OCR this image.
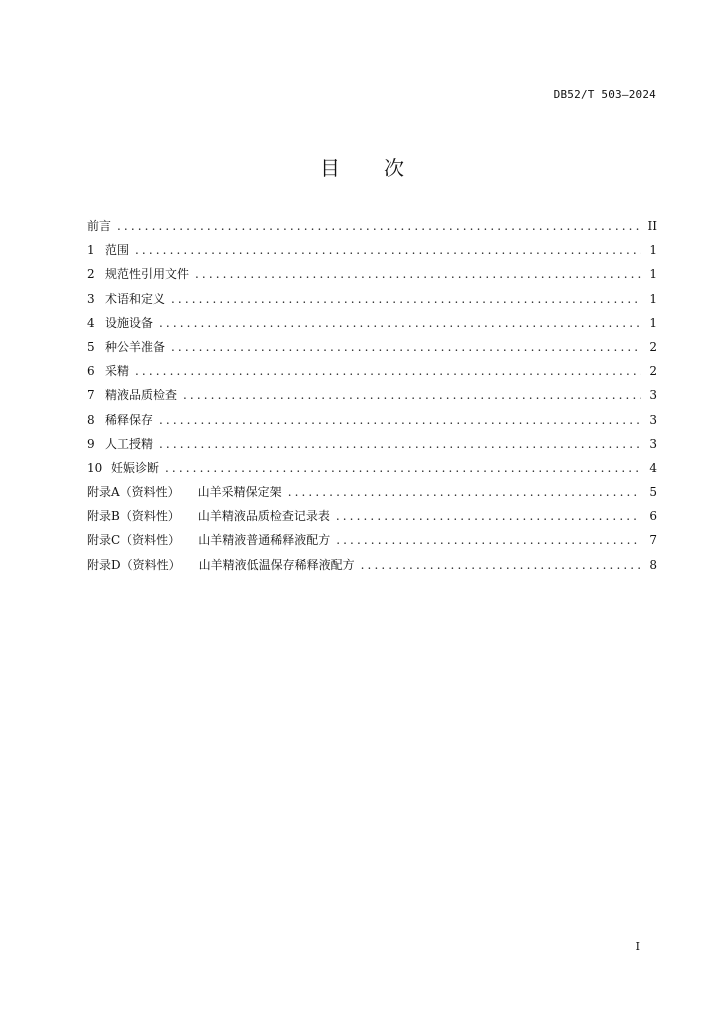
DB52/T 503—2024
目 次
前言 .....	II
1 范围 .....	1
2 规范性引用文件 .....	1
3 术语和定义 .....	1
4 设施设备 .....	1
5 种公羊准备 .....	2
6 采精 .....	2
7 精液品质检查 .....	3
8 稀释保存 .....	3
9 人工授精 .....	3
10 妊娠诊断 .....	4
附录A（资料性） 山羊采精保定架 .....	5
附录B（资料性） 山羊精液品质检查记录表 .....	6
附录C（资料性） 山羊精液普通稀释液配方 .....	7
附录D（资料性） 山羊精液低温保存稀释液配方 .....	8
I
